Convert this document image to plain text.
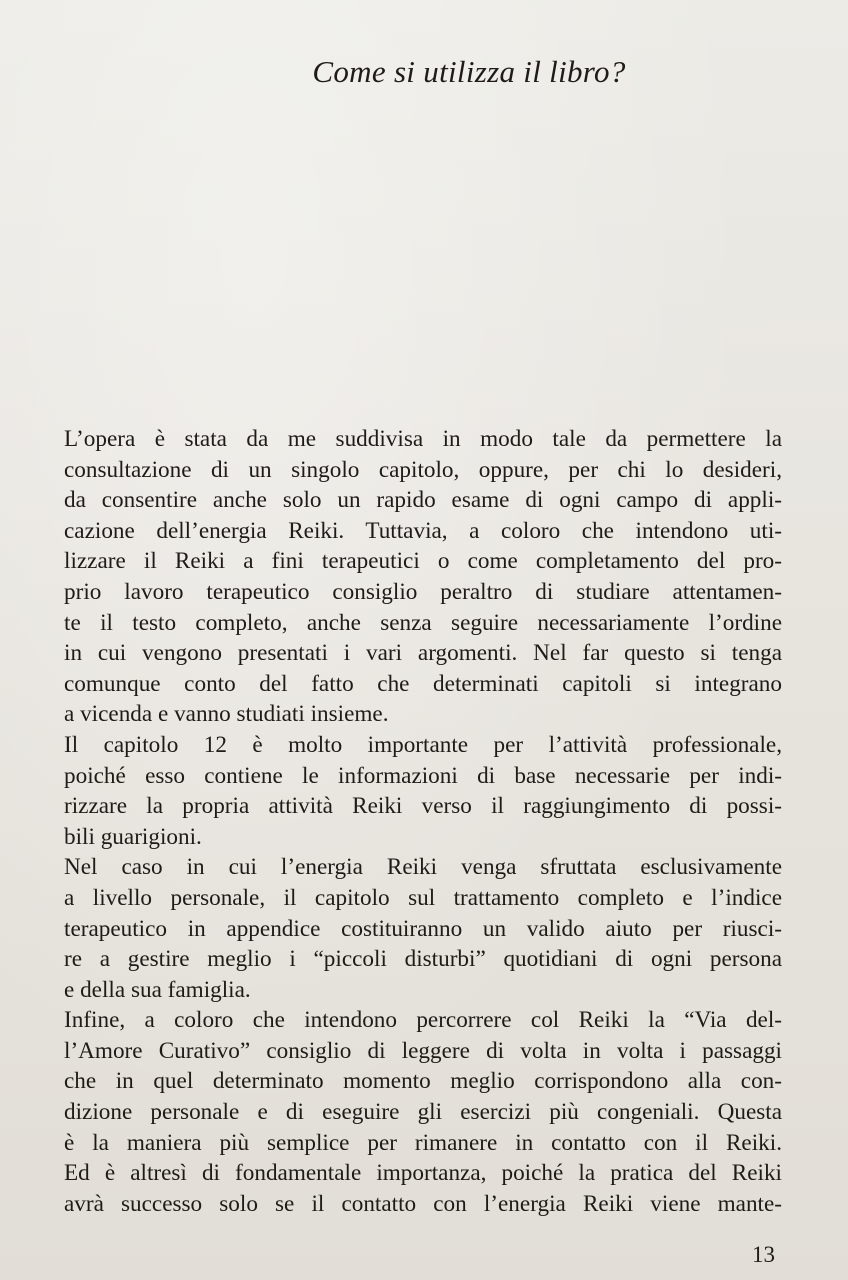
Come si utilizza il libro?

L’opera è stata da me suddivisa in modo tale da permettere la
consultazione di un singolo capitolo, oppure, per chi lo desideri,
da consentire anche solo un rapido esame di ogni campo di appli-
cazione dell’energia Reiki. Tuttavia, a coloro che intendono uti-
lizzare il Reiki a fini terapeutici o come completamento del pro-
prio lavoro terapeutico consiglio peraltro di studiare attentamen-
te il testo completo, anche senza seguire necessariamente l’ordine
in cui vengono presentati i vari argomenti. Nel far questo si tenga
comunque conto del fatto che determinati capitoli si integrano
a vicenda e vanno studiati insieme.

Il capitolo 12 è molto importante per l’attività professionale,
poiché esso contiene le informazioni di base necessarie per indi-
rizzare la propria attività Reiki verso il raggiungimento di possi-
bili guarigioni.

Nel caso in cui l’energia Reiki venga sfruttata esclusivamente
a livello personale, il capitolo sul trattamento completo e l’indice
terapeutico in appendice costituiranno un valido aiuto per riusci-
re a gestire meglio i “piccoli disturbi” quotidiani di ogni persona
e della sua famiglia.

Infine, a coloro che intendono percorrere col Reiki la “Via del-
l’Amore Curativo” consiglio di leggere di volta in volta i passaggi
che in quel determinato momento meglio corrispondono alla con-
dizione personale e di eseguire gli esercizi più congeniali. Questa
è la maniera più semplice per rimanere in contatto con il Reiki.
Ed è altresì di fondamentale importanza, poiché la pratica del Reiki
avrà successo solo se il contatto con l’energia Reiki viene mante-

13
